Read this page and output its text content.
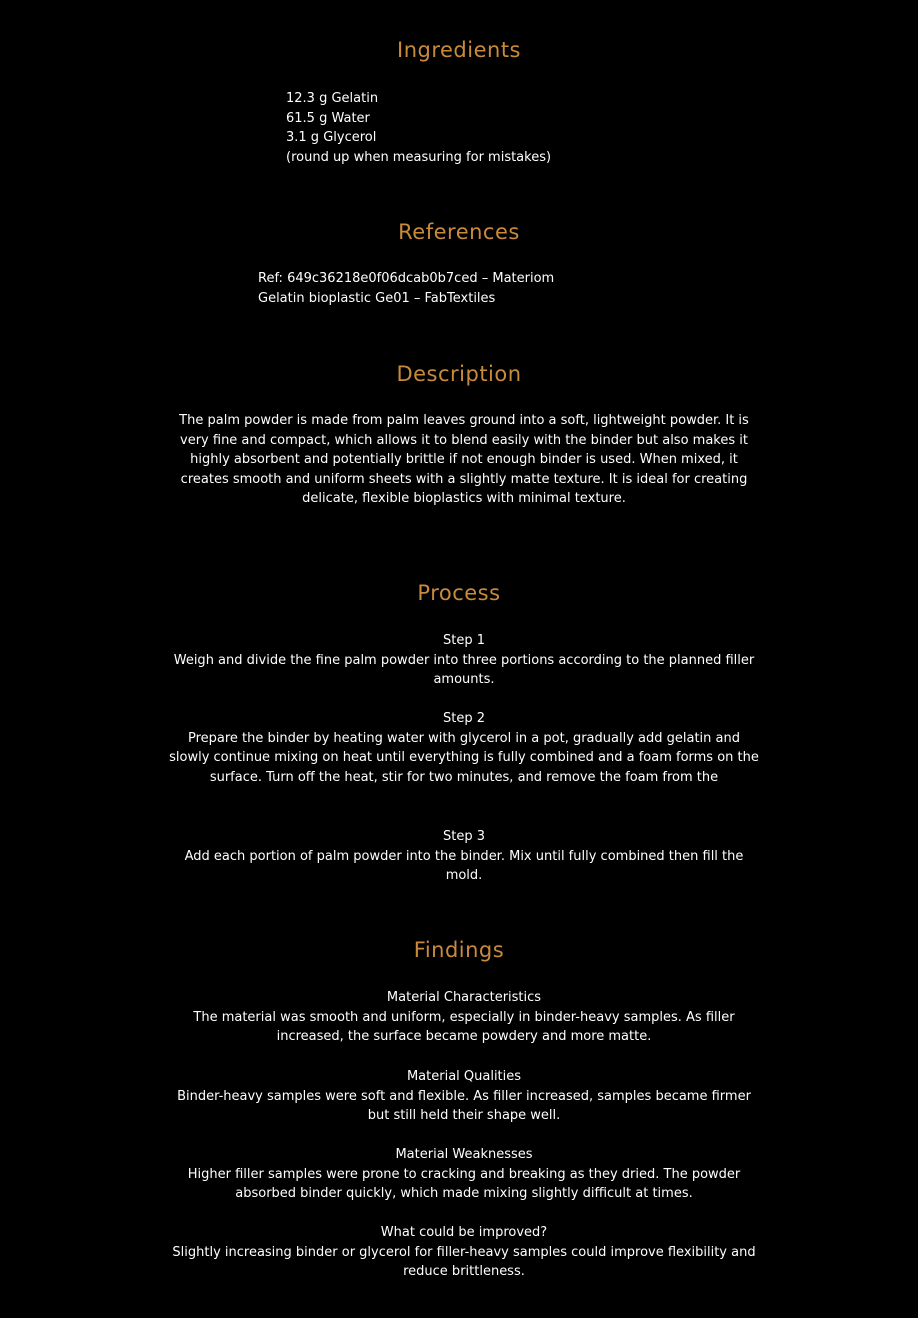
Ingredients
12.3 g Gelatin
61.5 g Water
3.1 g Glycerol
(round up when measuring for mistakes)
References
Ref: 649c36218e0f06dcab0b7ced – Materiom
Gelatin bioplastic Ge01 – FabTextiles
Description

The palm powder is made from palm leaves ground into a soft, lightweight powder. It is very fine and compact, which allows it to blend easily with the binder but also makes it highly absorbent and potentially brittle if not enough binder is used. When mixed, it creates smooth and uniform sheets with a slightly matte texture. It is ideal for creating delicate, flexible bioplastics with minimal texture.

Process
Step 1

Weigh and divide the fine palm powder into three portions according to the planned filler amounts.

Step 2

Prepare the binder by heating water with glycerol in a pot, gradually add gelatin and slowly continue mixing on heat until everything is fully combined and a foam forms on the surface. Turn off the heat, stir for two minutes, and remove the foam from the

Step 3

Add each portion of palm powder into the binder. Mix until fully combined then fill the mold.

Findings
Material Characteristics

The material was smooth and uniform, especially in binder-heavy samples. As filler increased, the surface became powdery and more matte.

Material Qualities

Binder-heavy samples were soft and flexible. As filler increased, samples became firmer but still held their shape well.

Material Weaknesses

Higher filler samples were prone to cracking and breaking as they dried. The powder absorbed binder quickly, which made mixing slightly difficult at times.

What could be improved?

Slightly increasing binder or glycerol for filler-heavy samples could improve flexibility and reduce brittleness.
